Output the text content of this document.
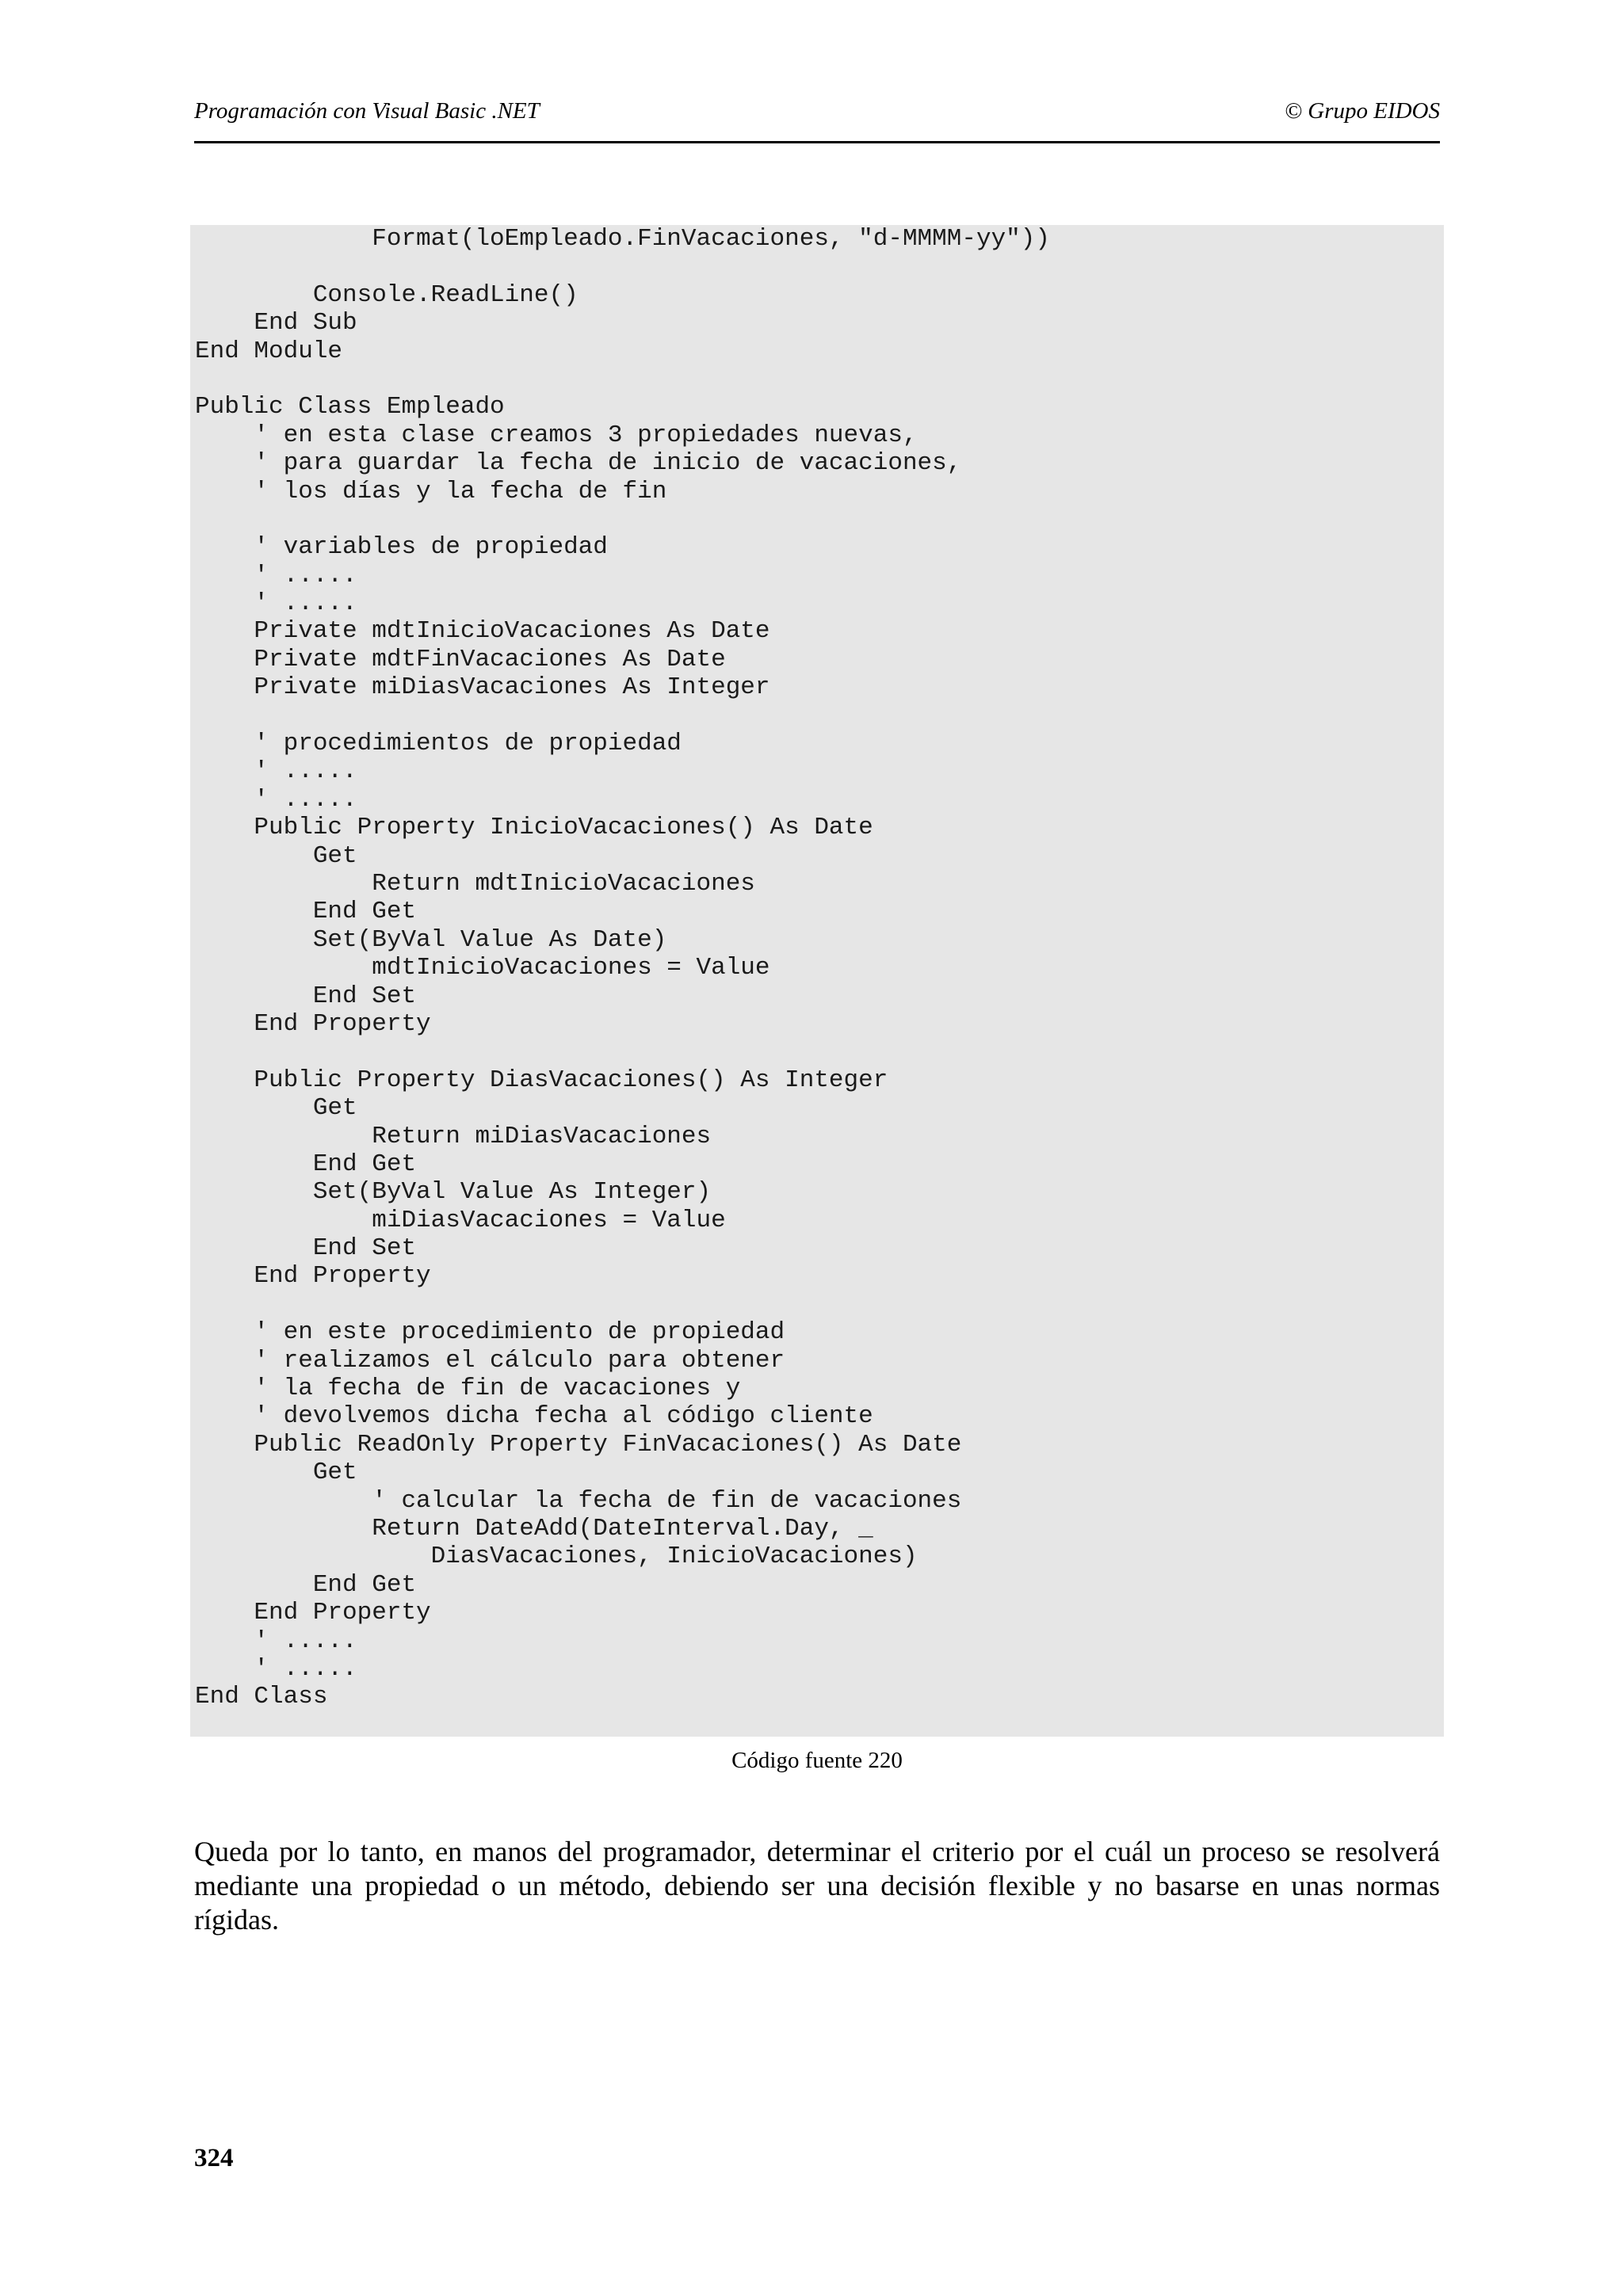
Programación con Visual Basic .NET	© Grupo EIDOS
Format(loEmpleado.FinVacaciones, "d-MMMM-yy"))
Console.ReadLine()
End Sub
End Module
Public Class Empleado
' en esta clase creamos 3 propiedades nuevas,
' para guardar la fecha de inicio de vacaciones,
' los días y la fecha de fin
' variables de propiedad
' .....
' .....
Private mdtInicioVacaciones As Date
Private mdtFinVacaciones As Date
Private miDiasVacaciones As Integer
' procedimientos de propiedad
' .....
' .....
Public Property InicioVacaciones() As Date
Get
Return mdtInicioVacaciones
End Get
Set(ByVal Value As Date)
mdtInicioVacaciones = Value
End Set
End Property
Public Property DiasVacaciones() As Integer
Get
Return miDiasVacaciones
End Get
Set(ByVal Value As Integer)
miDiasVacaciones = Value
End Set
End Property
' en este procedimiento de propiedad
' realizamos el cálculo para obtener
' la fecha de fin de vacaciones y
' devolvemos dicha fecha al código cliente
Public ReadOnly Property FinVacaciones() As Date
Get
' calcular la fecha de fin de vacaciones
Return DateAdd(DateInterval.Day, _
DiasVacaciones, InicioVacaciones)
End Get
End Property
' .....
' .....
End Class
Código fuente 220

Queda por lo tanto, en manos del programador, determinar el criterio por el cuál un proceso se resolverá mediante una propiedad o un método, debiendo ser una decisión flexible y no basarse en unas normas rígidas.

324
